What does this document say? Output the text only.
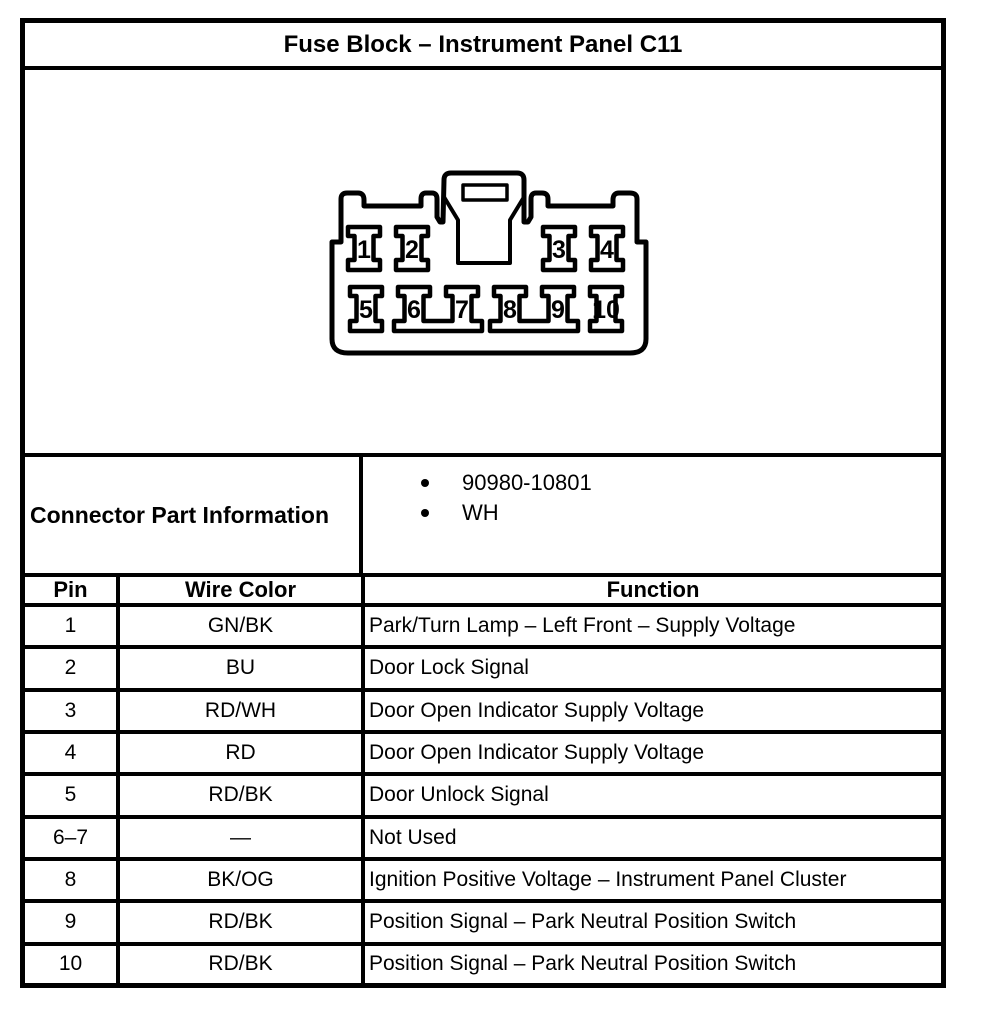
Fuse Block – Instrument Panel C11
1 2	3 4
5 6 7 8 9 10
Connector Part Information
90980-10801
WH
Pin	Wire Color	Function
1	GN/BK	Park/Turn Lamp – Left Front – Supply Voltage
2	BU	Door Lock Signal
3	RD/WH	Door Open Indicator Supply Voltage
4	RD	Door Open Indicator Supply Voltage
5	RD/BK	Door Unlock Signal
6–7	—	Not Used
8	BK/OG	Ignition Positive Voltage – Instrument Panel Cluster
9	RD/BK	Position Signal – Park Neutral Position Switch
10	RD/BK	Position Signal – Park Neutral Position Switch
